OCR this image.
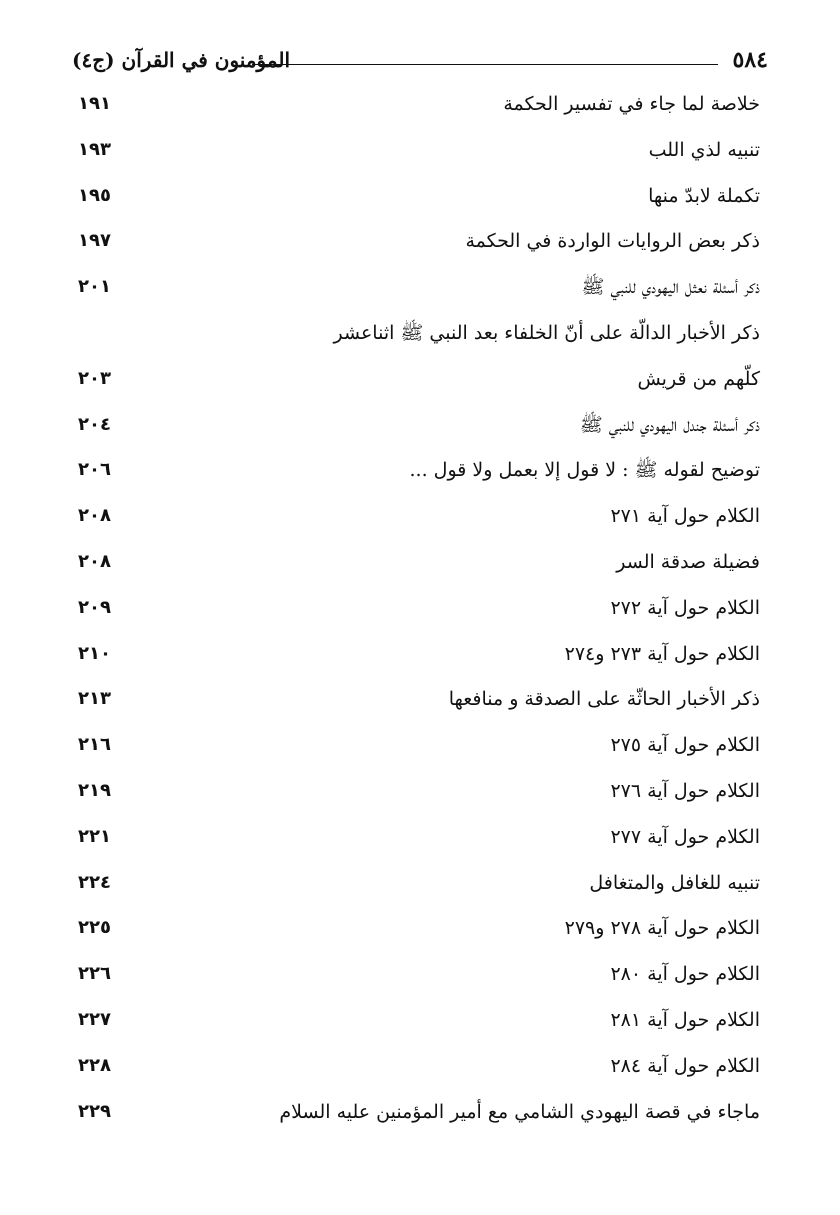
٥٨٤
المؤمنون في القرآن (ج٤)
خلاصة لما جاء في تفسير الحكمة
١٩١
تنبيه لذي اللب
١٩٣
تكملة لابدّ منها
١٩٥
ذكر بعض الروايات الواردة في الحكمة
١٩٧
ذكر أسئلة نعثل اليهودي للنبي ﷺ
٢٠١
ذكر الأخبار الدالّة على أنّ الخلفاء بعد النبي ﷺ اثناعشر
كلّهم من قريش
٢٠٣
ذكر أسئلة جندل اليهودي للنبي ﷺ
٢٠٤
توضيح لقوله ﷺ : لا قول إلا بعمل ولا قول ...
٢٠٦
الكلام حول آية ٢٧١
٢٠٨
فضيلة صدقة السر
٢٠٨
الكلام حول آية ٢٧٢
٢٠٩
الكلام حول آية ٢٧٣ و٢٧٤
٢١٠
ذكر الأخبار الحاثّة على الصدقة و منافعها
٢١٣
الكلام حول آية ٢٧٥
٢١٦
الكلام حول آية ٢٧٦
٢١٩
الكلام حول آية ٢٧٧
٢٢١
تنبيه للغافل والمتغافل
٢٢٤
الكلام حول آية ٢٧٨ و٢٧٩
٢٢٥
الكلام حول آية ٢٨٠
٢٢٦
الكلام حول آية ٢٨١
٢٢٧
الكلام حول آية ٢٨٤
٢٢٨
ماجاء في قصة اليهودي الشامي مع أمير المؤمنين عليه السلام
٢٢٩
